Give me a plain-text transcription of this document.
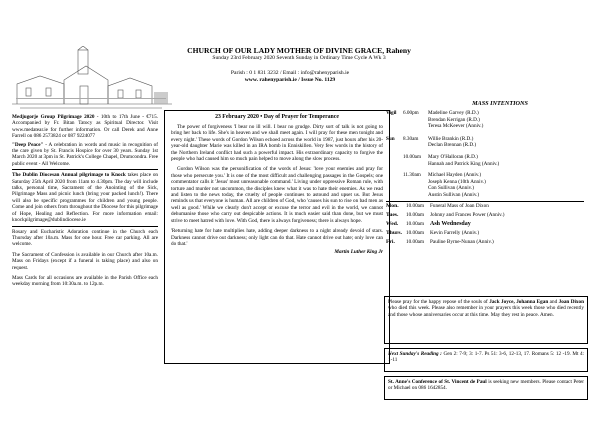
CHURCH OF OUR LADY MOTHER OF DIVINE GRACE, Raheny
Sunday 23rd February 2020 Seventh Sunday in Ordinary Time Cycle A Wk 3
Parish : 0 1 831 3232 / Email : info@rahenyparish.ie
www. rahenyparish.ie / Issue No. 1129

Medjugorje Group Pilgrimage 2020 - 10th to 17th June - €715. Accompanied by Fr. Bitan Tatocy as Spiritual Director. Visit www.medatear.ie for further information. Or call Derek and Anne Farrell on 086 2573824 or 087 9224077

"Deep Peace" - A celebration in words and music in recognition of the care given by St. Francis Hospice for over 30 years. Sunday 1st March 2020 at 3pm in St. Patrick's College Chapel, Drumcondra. Free public event - All Welcome.

The Dublin Diocesan Annual pilgrimage to Knock takes place on Saturday 25th April 2020 from 11am to 4.30pm. The day will include talks, personal time, Sacrament of the Anointing of the Sick, Pilgrimage Mass and picnic lunch (bring your packed lunch!). There will also be specific programmes for children and young people. Come and join others from throughout the Diocese for this pilgrimage of Hope, Healing and Reflection. For more information email: knockpilgrimage@dublindiocese.ie

Rosary and Eucharistic Adoration continue in the Church each Thursday after 10a.m. Mass for one hour. Free car parking. All are welcome.

The Sacrament of Confession is available in our Church after 10a.m. Mass on Fridays (except if a funeral is taking place) and also on request.

Mass Cards for all occasions are available in the Parish Office each weekday morning from 10:30a.m. to 12p.m.

23 February 2020 • Day of Prayer for Temperance

The power of forgiveness 'I bear no ill will. I bear no grudge. Dirty sort of talk is not going to bring her back to life. She's in heaven and we shall meet again. I will pray for these men tonight and every night.' These words of Gordon Wilson echoed across the world in 1987, just hours after his 20-year-old daughter Marie was killed in an IRA bomb in Enniskillen. Very few words in the history of the Northern Ireland conflict had such a powerful impact. His extraordinary capacity to forgive the people who had caused him so much pain helped to move along the slow process.

Gordon Wilson was the personification of the words of Jesus: 'love your enemies and pray for those who persecute you.' It is one of the most difficult and challenging passages in the Gospels; one commentator calls it 'Jesus' most unreasonable command.' Living under oppressive Roman rule, with torture and murder not uncommon, the disciples knew what it was to hate their enemies. As we read and listen to the news today, the cruelty of people continues to astound and upset us. But Jesus reminds us that everyone is human. All are children of God, who 'causes his sun to rise on bad men as well as good.' While we clearly don't accept or excuse the terror and evil in the world, we cannot dehumanise those who carry out despicable actions. It is much easier said than done, but we must strive to meet hatred with love. With God, there is always forgiveness; there is always hope.

'Returning hate for hate multiplies hate, adding deeper darkness to a night already devoid of stars. Darkness cannot drive out darkness; only light can do that. Hate cannot drive out hate; only love can do that.'

Martin Luther King Jr
MASS INTENTIONS
Vigil 6.00pm Madeline Garvey (R.D.)
Brendan Kerrigan (R.D.)
Teresa McKeever (Anniv.)
Sun 8.30am Willie Brankin (R.D.)
Declan Brennan (R.D.)
10.00am Mary O'Halloran (R.D.)
Hannah and Patrick King (Anniv.)
11.30am Michael Hayden (Anniv.)
Joseph Kenna (10th Anniv.)
Con Sullivan (Anniv.)
Austin Sullivan (Anniv.)
Mon. 10.00am Funeral Mass of Joan Dixon
Tues. 10.00am Johnny and Frances Power (Anniv.)
Wed. 10.00am Ash Wednesday
Thurs. 10.00am Kevin Farrelly (Anniv.)
Fri. 10.00am Pauline Byrne-Nunan (Anniv.)

Please pray for the happy repose of the souls of Jack Joyce, Johanna Egan and Joan Dixon who died this week. Please also remember in your prayers this week those who died recently and those whose anniversaries occur at this time. May they rest in peace. Amen.

Next Sunday's Reading : Gen 2: 7-9; 3: 1-7. Ps 51: 3-6, 12-13, 17. Romans 5: 12 -19. Mt 4: 1-11

St. Anne's Conference of St. Vincent de Paul is seeking new members. Please contact Peter or Michael on 086 1642854.
